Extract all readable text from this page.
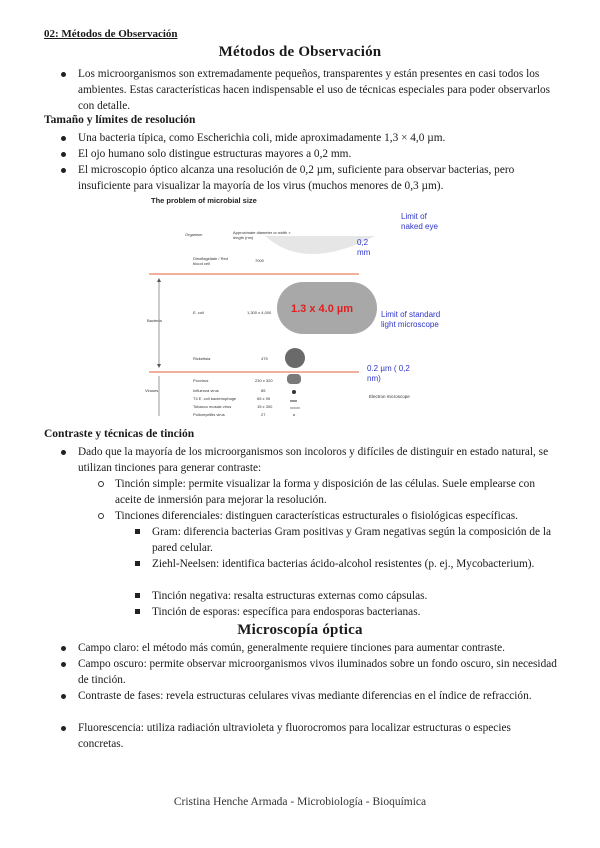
02: Métodos de Observación
Métodos de Observación
Los microorganismos son extremadamente pequeños, transparentes y están presentes en casi todos los ambientes. Estas características hacen indispensable el uso de técnicas especiales para poder observarlos con detalle.
Tamaño y límites de resolución
Una bacteria típica, como Escherichia coli, mide aproximadamente 1,3 × 4,0 µm.
El ojo humano solo distingue estructuras mayores a 0,2 mm.
El microscopio óptico alcanza una resolución de 0,2 µm, suficiente para observar bacterias, pero insuficiente para visualizar la mayoría de los virus (muchos menores de 0,3 µm).
The problem of microbial size
Organism	Approximate diameter or width × length (nm)
Limit of naked eye
0,2 mm
1.3 x 4.0 µm	Limit of standard light microscope
0.2 µm ( 0,2 nm)
Bacteria
Viruses
Electron microscope
Dinoflagellate / Red blood cell
7000
E. coli	1,300 x 4,000
Rickettsia	475
Poxvirus	230 x 320
Influenza virus	85
T4 E. coli bacteriophage	65 x 95
Tobacco mosaic virus	15 x 300
Poliomyelitis virus	27
Contraste y técnicas de tinción
Dado que la mayoría de los microorganismos son incoloros y difíciles de distinguir en estado natural, se utilizan tinciones para generar contraste:
Tinción simple: permite visualizar la forma y disposición de las células. Suele emplearse con aceite de inmersión para mejorar la resolución.
Tinciones diferenciales: distinguen características estructurales o fisiológicas específicas.
Gram: diferencia bacterias Gram positivas y Gram negativas según la composición de la pared celular.
Ziehl-Neelsen: identifica bacterias ácido-alcohol resistentes (p. ej., Mycobacterium).
Tinción negativa: resalta estructuras externas como cápsulas.
Tinción de esporas: específica para endosporas bacterianas.
Microscopía óptica
Campo claro: el método más común, generalmente requiere tinciones para aumentar contraste.
Campo oscuro: permite observar microorganismos vivos iluminados sobre un fondo oscuro, sin necesidad de tinción.
Contraste de fases: revela estructuras celulares vivas mediante diferencias en el índice de refracción.
Fluorescencia: utiliza radiación ultravioleta y fluorocromos para localizar estructuras o especies concretas.
Cristina Henche Armada - Microbiología - Bioquímica
